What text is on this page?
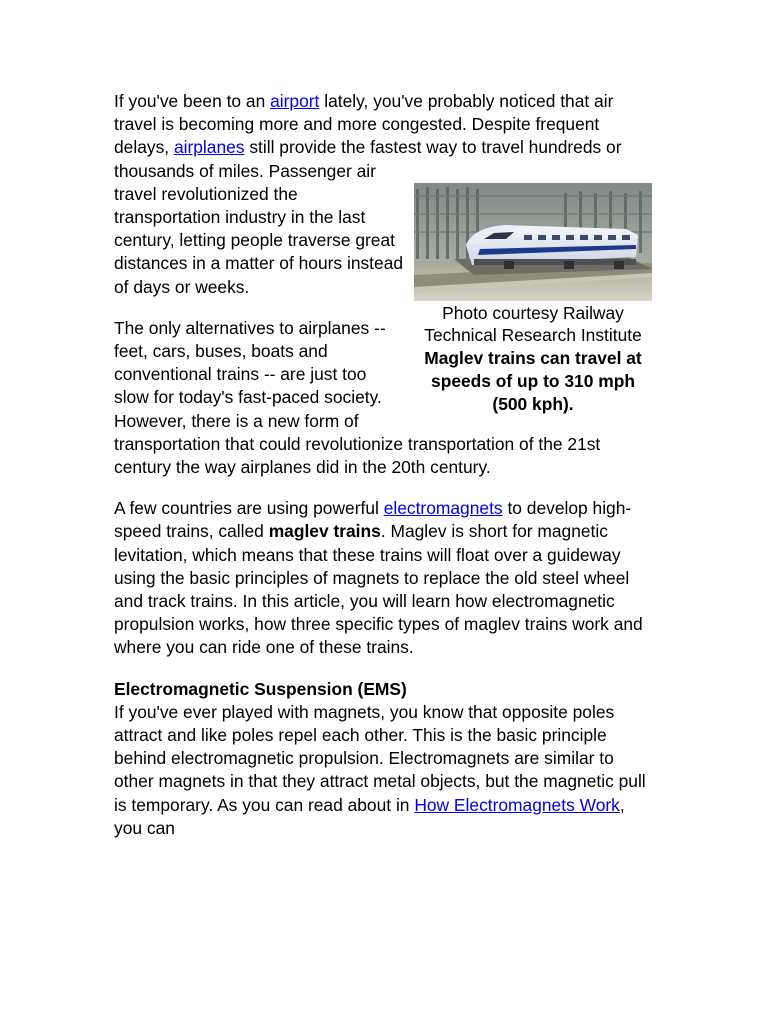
If you've been to an airport lately, you've probably noticed that air travel is becoming more and more congested. Despite frequent delays, airplanes still provide the fastest way to travel hundreds or thousands of miles. Passenger air

Photo courtesy Railway Technical Research Institute
Maglev trains can travel at speeds of up to 310 mph (500 kph).

travel revolutionized the transportation industry in the last century, letting people traverse great distances in a matter of hours instead of days or weeks.

The only alternatives to airplanes -- feet, cars, buses, boats and conventional trains -- are just too slow for today's fast-paced society. However, there is a new form of transportation that could revolutionize transportation of the 21st century the way airplanes did in the 20th century.

A few countries are using powerful electromagnets to develop high-speed trains, called maglev trains. Maglev is short for magnetic levitation, which means that these trains will float over a guideway using the basic principles of magnets to replace the old steel wheel and track trains. In this article, you will learn how electromagnetic propulsion works, how three specific types of maglev trains work and where you can ride one of these trains.

Electromagnetic Suspension (EMS)
If you've ever played with magnets, you know that opposite poles attract and like poles repel each other. This is the basic principle behind electromagnetic propulsion. Electromagnets are similar to other magnets in that they attract metal objects, but the magnetic pull is temporary. As you can read about in How Electromagnets Work, you can
